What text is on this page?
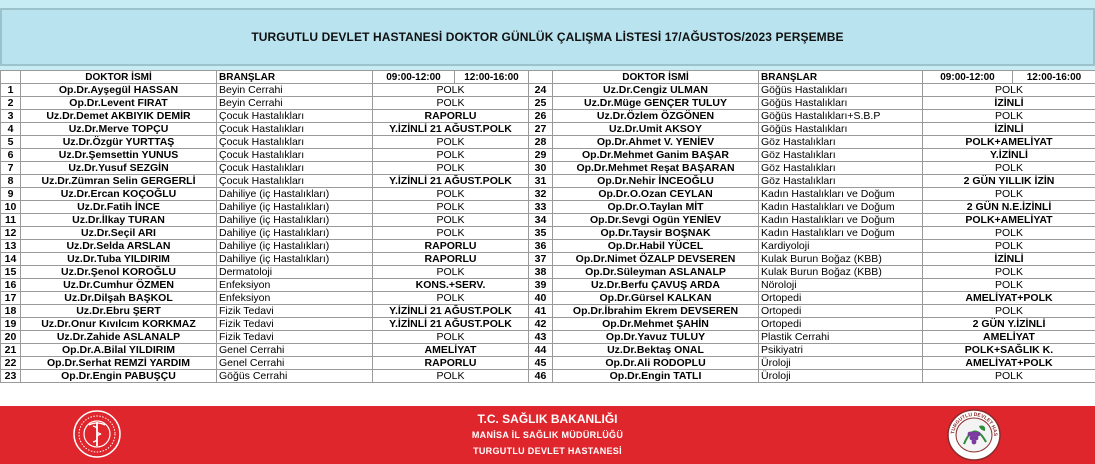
TURGUTLU DEVLET HASTANESİ DOKTOR GÜNLÜK ÇALIŞMA LİSTESİ 17/AĞUSTOS/2023 PERŞEMBE
	DOKTOR İSMİ	BRANŞLAR	09:00-12:00	12:00-16:00		DOKTOR İSMİ	BRANŞLAR	09:00-12:00	12:00-16:00
1	Op.Dr.Ayşegül HASSAN	Beyin Cerrahi	POLK		24	Uz.Dr.Cengiz ULMAN	Göğüs Hastalıkları	POLK	
2	Op.Dr.Levent FIRAT	Beyin Cerrahi	POLK		25	Uz.Dr.Müge GENÇER TULUY	Göğüs Hastalıkları	İZİNLİ	
3	Uz.Dr.Demet AKBIYIK DEMİR	Çocuk Hastalıkları	RAPORLU		26	Uz.Dr.Özlem ÖZGÖNEN	Göğüs Hastalıkları+S.B.P	POLK	
4	Uz.Dr.Merve TOPÇU	Çocuk Hastalıkları	Y.İZİNLİ 21 AĞUST.POLK		27	Uz.Dr.Umit AKSOY	Göğüs Hastalıkları	İZİNLİ	
5	Uz.Dr.Özgür YURTTAŞ	Çocuk Hastalıkları	POLK		28	Op.Dr.Ahmet V. YENİEV	Göz Hastalıkları	POLK+AMELİYAT	
6	Uz.Dr.Şemsettin YUNUS	Çocuk Hastalıkları	POLK		29	Op.Dr.Mehmet Ganim BAŞAR	Göz Hastalıkları	Y.İZİNLİ	
7	Uz.Dr.Yusuf SEZGİN	Çocuk Hastalıkları	POLK		30	Op.Dr.Mehmet Reşat BAŞARAN	Göz Hastalıkları	POLK	
8	Uz.Dr.Zümran Selin GERGERLİ	Çocuk Hastalıkları	Y.İZİNLİ 21 AĞUST.POLK		31	Op.Dr.Nehir İNCEOĞLU	Göz Hastalıkları	2 GÜN YILLIK İZİN	
9	Uz.Dr.Ercan KOÇOĞLU	Dahiliye (iç Hastalıkları)	POLK		32	Op.Dr.O.Ozan CEYLAN	Kadın Hastalıkları ve Doğum	POLK	
10	Uz.Dr.Fatih İNCE	Dahiliye (iç Hastalıkları)	POLK		33	Op.Dr.O.Taylan MİT	Kadın Hastalıkları ve Doğum	2 GÜN N.E.İZİNLİ	
11	Uz.Dr.İlkay TURAN	Dahiliye (iç Hastalıkları)	POLK		34	Op.Dr.Sevgi Ogün YENİEV	Kadın Hastalıkları ve Doğum	POLK+AMELİYAT	
12	Uz.Dr.Seçil ARI	Dahiliye (iç Hastalıkları)	POLK		35	Op.Dr.Taysir BOŞNAK	Kadın Hastalıkları ve Doğum	POLK	
13	Uz.Dr.Selda ARSLAN	Dahiliye (iç Hastalıkları)	RAPORLU		36	Op.Dr.Habil YÜCEL	Kardiyoloji	POLK	
14	Uz.Dr.Tuba YILDIRIM	Dahiliye (iç Hastalıkları)	RAPORLU		37	Op.Dr.Nimet ÖZALP DEVSEREN	Kulak Burun Boğaz (KBB)	İZİNLİ	
15	Uz.Dr.Şenol KOROĞLU	Dermatoloji	POLK		38	Op.Dr.Süleyman ASLANALP	Kulak Burun Boğaz (KBB)	POLK	
16	Uz.Dr.Cumhur ÖZMEN	Enfeksiyon	KONS.+SERV.		39	Uz.Dr.Berfu ÇAVUŞ ARDA	Nöroloji	POLK	
17	Uz.Dr.Dilşah BAŞKOL	Enfeksiyon	POLK		40	Op.Dr.Gürsel KALKAN	Ortopedi	AMELİYAT+POLK	
18	Uz.Dr.Ebru ŞERT	Fizik Tedavi	Y.İZİNLİ 21 AĞUST.POLK		41	Op.Dr.İbrahim Ekrem DEVSEREN	Ortopedi	POLK	
19	Uz.Dr.Onur Kıvılcım KORKMAZ	Fizik Tedavi	Y.İZİNLİ 21 AĞUST.POLK		42	Op.Dr.Mehmet ŞAHİN	Ortopedi	2 GÜN Y.İZİNLİ	
20	Uz.Dr.Zahide ASLANALP	Fizik Tedavi	POLK		43	Op.Dr.Yavuz TULUY	Plastik Cerrahi	AMELİYAT	
21	Op.Dr.A.Bilal YILDIRIM	Genel Cerrahi	AMELİYAT		44	Uz.Dr.Bektaş ONAL	Psikiyatri	POLK+SAĞLIK K.	
22	Op.Dr.Serhat REMZİ YARDIM	Genel Cerrahi	RAPORLU		45	Op.Dr.Ali RODOPLU	Üroloji	AMELİYAT+POLK	
23	Op.Dr.Engin PABUŞÇU	Göğüs Cerrahi	POLK		46	Op.Dr.Engin TATLI	Üroloji	POLK	
T.C. SAĞLIK BAKANLIĞI
MANİSA İL SAĞLIK MÜDÜRLÜĞÜ
TURGUTLU DEVLET HASTANESİ
TURGUTLU DEVLET HAS
